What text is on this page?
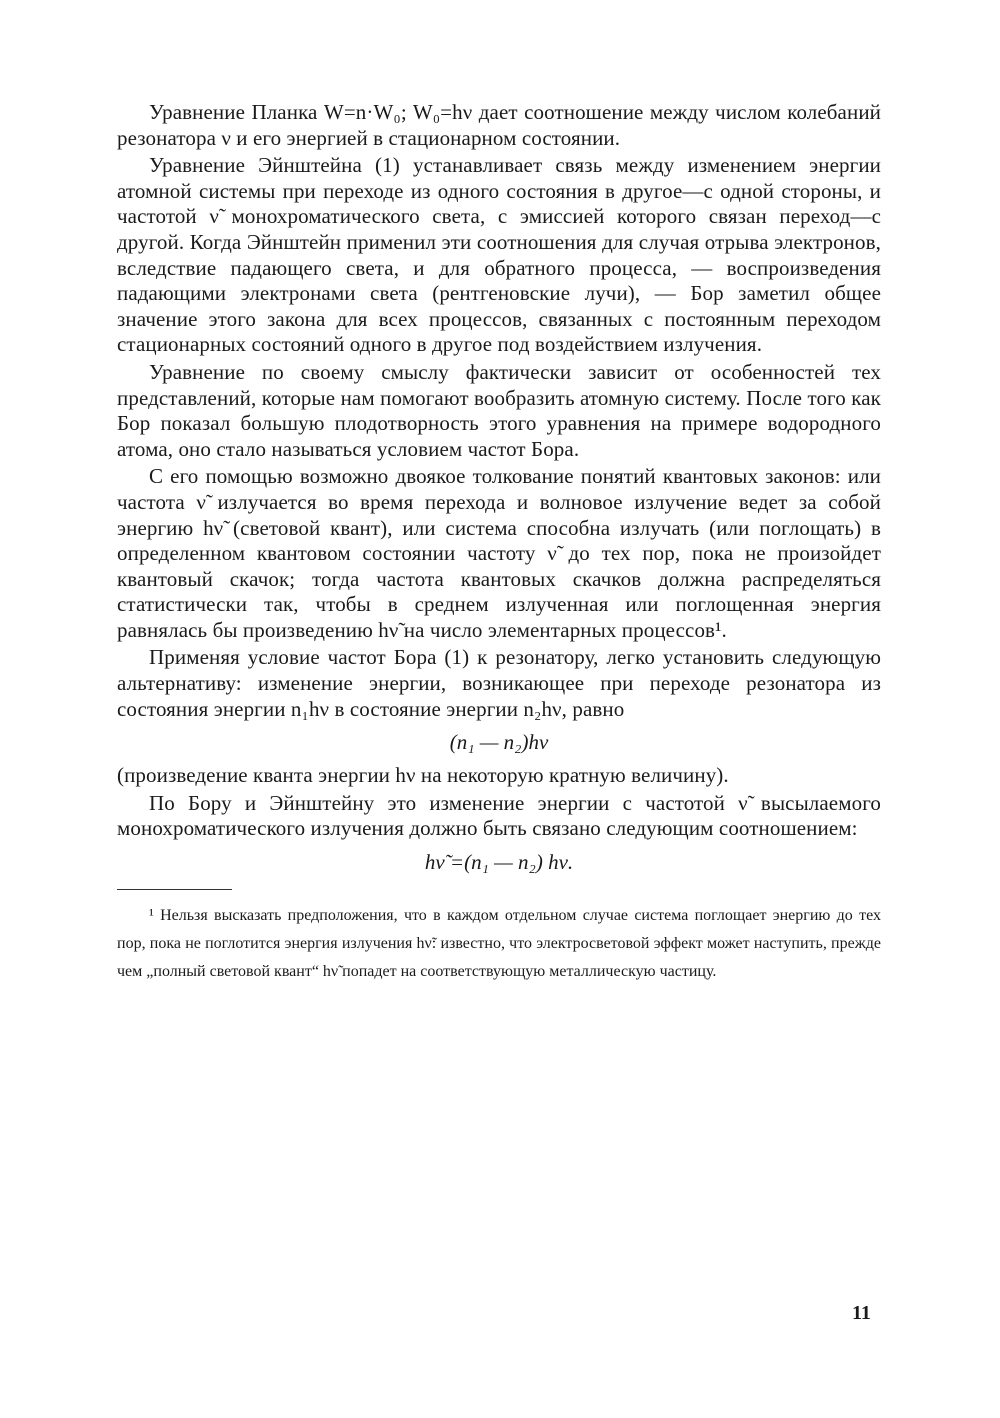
Уравнение Планка W=n·W₀; W₀=hν дает соотношение между числом колебаний резонатора ν и его энергией в стационарном состоянии.

Уравнение Эйнштейна (1) устанавливает связь между изменением энергии атомной системы при переходе из одного состояния в другое—с одной стороны, и частотой ν̃ монохроматического света, с эмиссией которого связан переход—с другой. Когда Эйнштейн применил эти соотношения для случая отрыва электронов, вследствие падающего света, и для обратного процесса, — воспроизведения падающими электронами света (рентгеновские лучи), — Бор заметил общее значение этого закона для всех процессов, связанных с постоянным переходом стационарных состояний одного в другое под воздействием излучения.

Уравнение по своему смыслу фактически зависит от особенностей тех представлений, которые нам помогают вообразить атомную систему. После того как Бор показал большую плодотворность этого уравнения на примере водородного атома, оно стало называться условием частот Бора.

С его помощью возможно двоякое толкование понятий квантовых законов: или частота ν̃ излучается во время перехода и волновое излучение ведет за собой энергию hν̃ (световой квант), или система способна излучать (или поглощать) в определенном квантовом состоянии частоту ν̃ до тех пор, пока не произойдет квантовый скачок; тогда частота квантовых скачков должна распределяться статистически так, чтобы в среднем излученная или поглощенная энергия равнялась бы произведению hν̃ на число элементарных процессов¹.

Применяя условие частот Бора (1) к резонатору, легко установить следующую альтернативу: изменение энергии, возникающее при переходе резонатора из состояния энергии n₁hν в состояние энергии n₂hν, равно

(n₁ — n₂)hν

(произведение кванта энергии hν на некоторую кратную величину).

По Бору и Эйнштейну это изменение энергии с частотой ν̃ высылаемого монохроматического излучения должно быть связано следующим соотношением:

hν̃ =(n₁ — n₂) hν.

¹ Нельзя высказать предположения, что в каждом отдельном случае система поглощает энергию до тех пор, пока не поглотится энергия излучения hν̃: известно, что электросветовой эффект может наступить, прежде чем „полный световой квант“ hν̃ попадет на соответствующую металлическую частицу.

11
